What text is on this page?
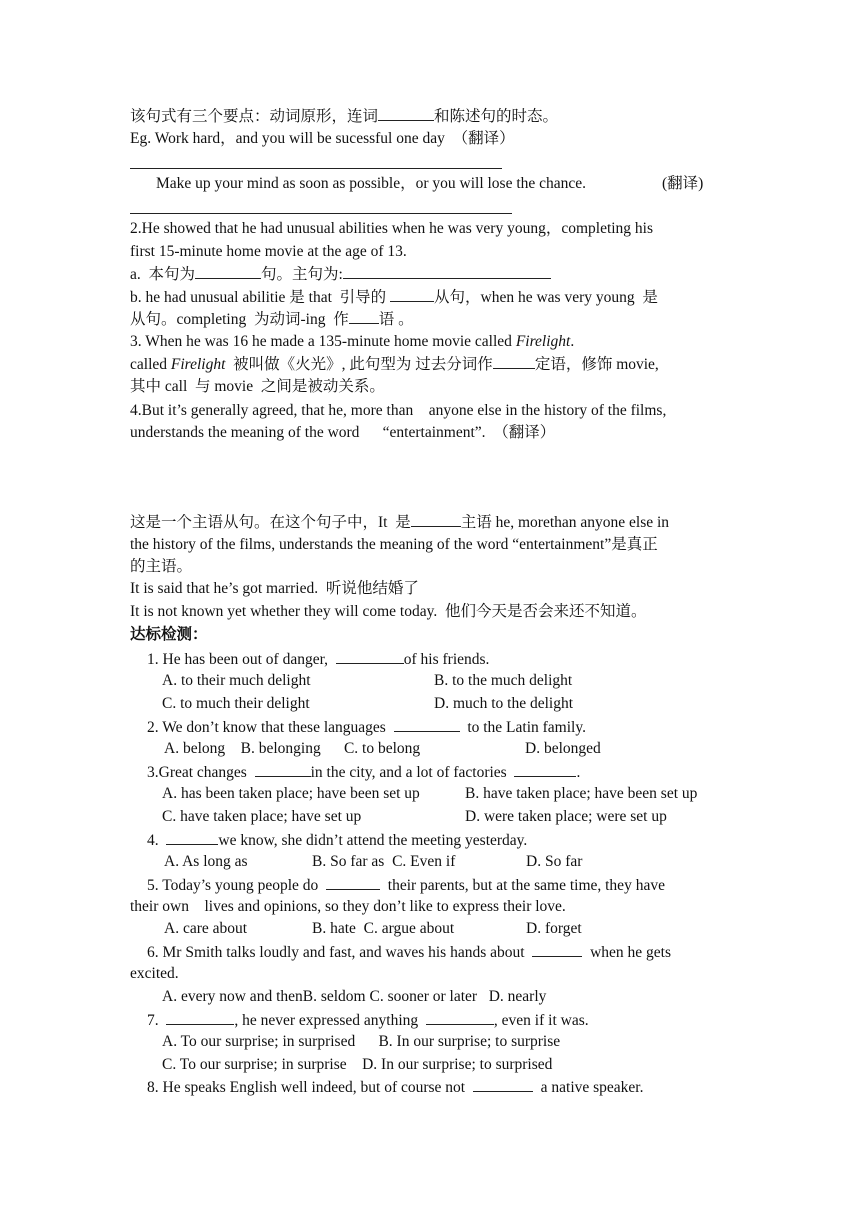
该句式有三个要点：动词原形，连词	和陈述句的时态。
Eg. Work hard，and you will be sucessful one day  （翻译）
Make up your mind as soon as possible，or you will lose the chance.	(翻译)
2.He showed that he had unusual abilities when he was very young，completing his
first 15-minute home movie at the age of 13.
a.  本句为	句。主句为:
b. he had unusual abilitie 是 that  引导的	从句，when he was very young  是
从句。completing  为动词-ing  作 语 。
3. When he was 16 he made a 135-minute home movie called Firelight.
called Firelight  被叫做《火光》, 此句型为 过去分词作	定语，修饰 movie,
其中 call  与 movie  之间是被动关系。
4.But it’s generally agreed, that he, more than    anyone else in the history of the films,
understands the meaning of the word      “entertainment”.  （翻译）
这是一个主语从句。在这个句子中，It  是	主语 he, morethan anyone else in
the history of the films, understands the meaning of the word “entertainment”是真正
的主语。
It is said that he’s got married.  听说他结婚了
It is not known yet whether they will come today.  他们今天是否会来还不知道。
达标检测：
1. He has been out of danger,	of his friends.
A. to their much delight	B. to the much delight
C. to much their delight	D. much to the delight
2. We don’t know that these languages	to the Latin family.
A. belong    B. belonging      C. to belong	D. belonged
3.Great changes	in the city, and a lot of factories	.
A. has been taken place; have been set up	B. have taken place; have been set up
C. have taken place; have set up	D. were taken place; were set up
4.	we know, she didn’t attend the meeting yesterday.
A. As long as	B. So far as  C. Even if	D. So far
5. Today’s young people do	their parents, but at the same time, they have
their own    lives and opinions, so they don’t like to express their love.
A. care about	B. hate  C. argue about	D. forget
6. Mr Smith talks loudly and fast, and waves his hands about	when he gets
excited.
A. every now and thenB. seldom C. sooner or later   D. nearly
7.	, he never expressed anything	, even if it was.
A. To our surprise; in surprised      B. In our surprise; to surprise
C. To our surprise; in surprise    D. In our surprise; to surprised
8. He speaks English well indeed, but of course not	a native speaker.
